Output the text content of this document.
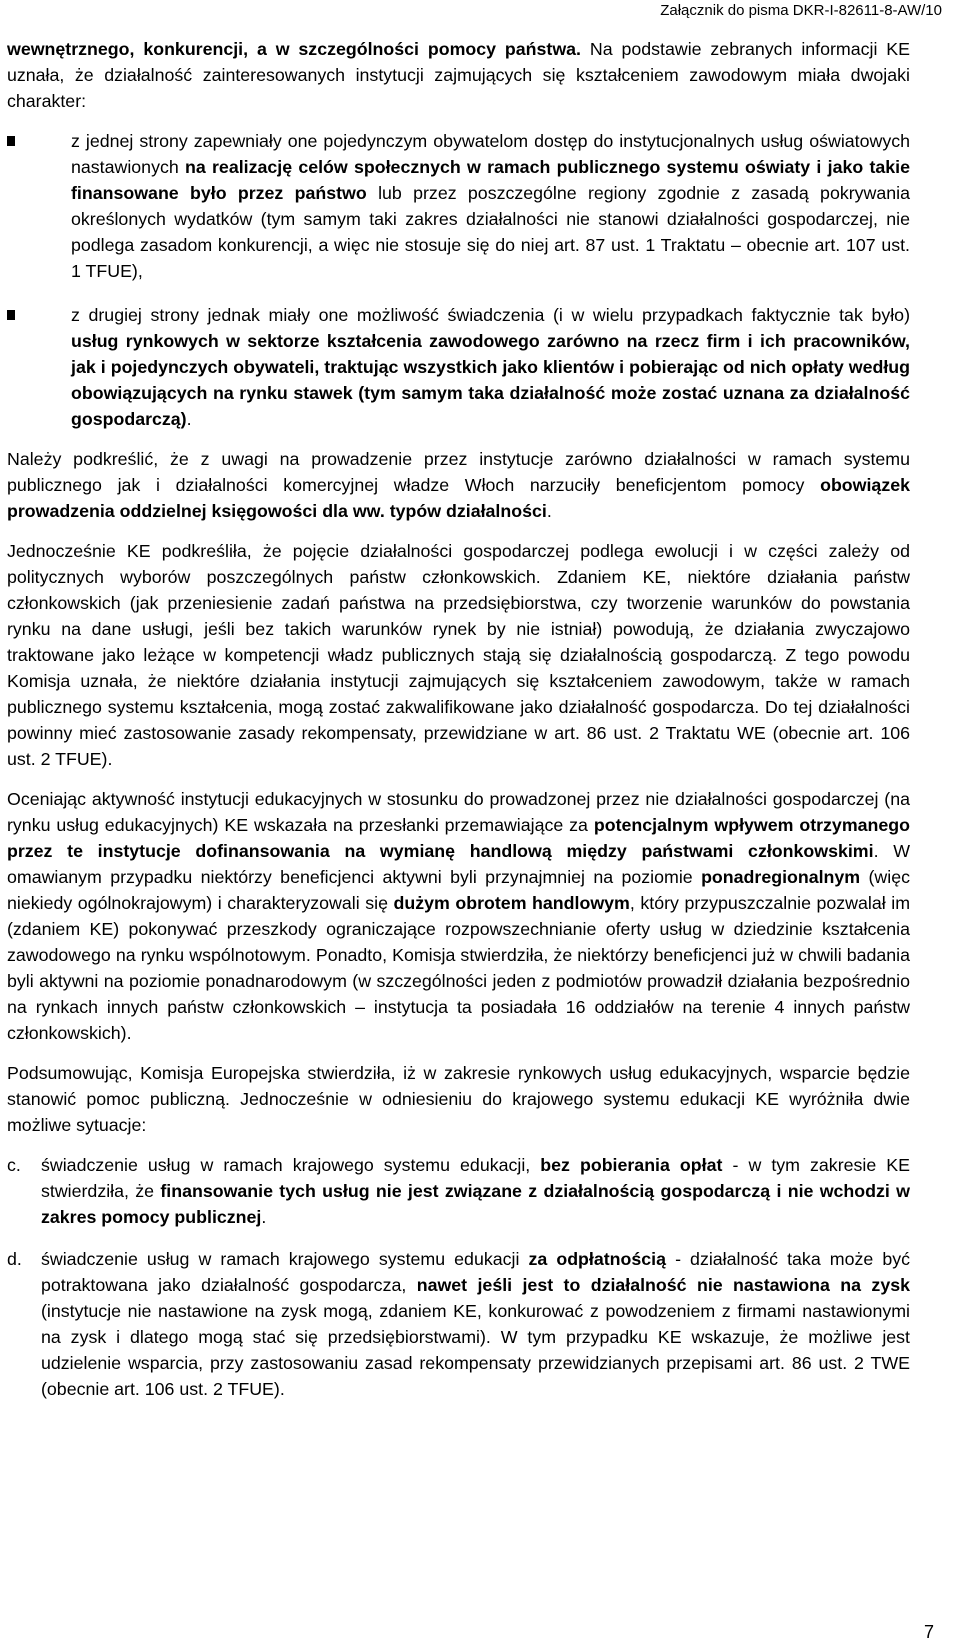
Załącznik do pisma DKR-I-82611-8-AW/10

wewnętrznego, konkurencji, a w szczególności pomocy państwa. Na podstawie zebranych informacji KE uznała, że działalność zainteresowanych instytucji zajmujących się kształceniem zawodowym miała dwojaki charakter:

z jednej strony zapewniały one pojedynczym obywatelom dostęp do instytucjonalnych usług oświatowych nastawionych na realizację celów społecznych w ramach publicznego systemu oświaty i jako takie finansowane było przez państwo lub przez poszczególne regiony zgodnie z zasadą pokrywania określonych wydatków (tym samym taki zakres działalności nie stanowi działalności gospodarczej, nie podlega zasadom konkurencji, a więc nie stosuje się do niej art. 87 ust. 1 Traktatu – obecnie art. 107 ust. 1 TFUE),
z drugiej strony jednak miały one możliwość świadczenia (i w wielu przypadkach faktycznie tak było) usług rynkowych w sektorze kształcenia zawodowego zarówno na rzecz firm i ich pracowników, jak i pojedynczych obywateli, traktując wszystkich jako klientów i pobierając od nich opłaty według obowiązujących na rynku stawek (tym samym taka działalność może zostać uznana za działalność gospodarczą).

Należy podkreślić, że z uwagi na prowadzenie przez instytucje zarówno działalności w ramach systemu publicznego jak i działalności komercyjnej władze Włoch narzuciły beneficjentom pomocy obowiązek prowadzenia oddzielnej księgowości dla ww. typów działalności.

Jednocześnie KE podkreśliła, że pojęcie działalności gospodarczej podlega ewolucji i w części zależy od politycznych wyborów poszczególnych państw członkowskich. Zdaniem KE, niektóre działania państw członkowskich (jak przeniesienie zadań państwa na przedsiębiorstwa, czy tworzenie warunków do powstania rynku na dane usługi, jeśli bez takich warunków rynek by nie istniał) powodują, że działania zwyczajowo traktowane jako leżące w kompetencji władz publicznych stają się działalnością gospodarczą. Z tego powodu Komisja uznała, że niektóre działania instytucji zajmujących się kształceniem zawodowym, także w ramach publicznego systemu kształcenia, mogą zostać zakwalifikowane jako działalność gospodarcza. Do tej działalności powinny mieć zastosowanie zasady rekompensaty, przewidziane w art. 86 ust. 2 Traktatu WE (obecnie art. 106 ust. 2 TFUE).

Oceniając aktywność instytucji edukacyjnych w stosunku do prowadzonej przez nie działalności gospodarczej (na rynku usług edukacyjnych) KE wskazała na przesłanki przemawiające za potencjalnym wpływem otrzymanego przez te instytucje dofinansowania na wymianę handlową między państwami członkowskimi. W omawianym przypadku niektórzy beneficjenci aktywni byli przynajmniej na poziomie ponadregionalnym (więc niekiedy ogólnokrajowym) i charakteryzowali się dużym obrotem handlowym, który przypuszczalnie pozwalał im (zdaniem KE) pokonywać przeszkody ograniczające rozpowszechnianie oferty usług w dziedzinie kształcenia zawodowego na rynku wspólnotowym. Ponadto, Komisja stwierdziła, że niektórzy beneficjenci już w chwili badania byli aktywni na poziomie ponadnarodowym (w szczególności jeden z podmiotów prowadził działania bezpośrednio na rynkach innych państw członkowskich – instytucja ta posiadała 16 oddziałów na terenie 4 innych państw członkowskich).

Podsumowując, Komisja Europejska stwierdziła, iż w zakresie rynkowych usług edukacyjnych, wsparcie będzie stanowić pomoc publiczną. Jednocześnie w odniesieniu do krajowego systemu edukacji KE wyróżniła dwie możliwe sytuacje:

c. świadczenie usług w ramach krajowego systemu edukacji, bez pobierania opłat - w tym zakresie KE stwierdziła, że finansowanie tych usług nie jest związane z działalnością gospodarczą i nie wchodzi w zakres pomocy publicznej.
d. świadczenie usług w ramach krajowego systemu edukacji za odpłatnością - działalność taka może być potraktowana jako działalność gospodarcza, nawet jeśli jest to działalność nie nastawiona na zysk (instytucje nie nastawione na zysk mogą, zdaniem KE, konkurować z powodzeniem z firmami nastawionymi na zysk i dlatego mogą stać się przedsiębiorstwami). W tym przypadku KE wskazuje, że możliwe jest udzielenie wsparcia, przy zastosowaniu zasad rekompensaty przewidzianych przepisami art. 86 ust. 2 TWE (obecnie art. 106 ust. 2 TFUE).
7
